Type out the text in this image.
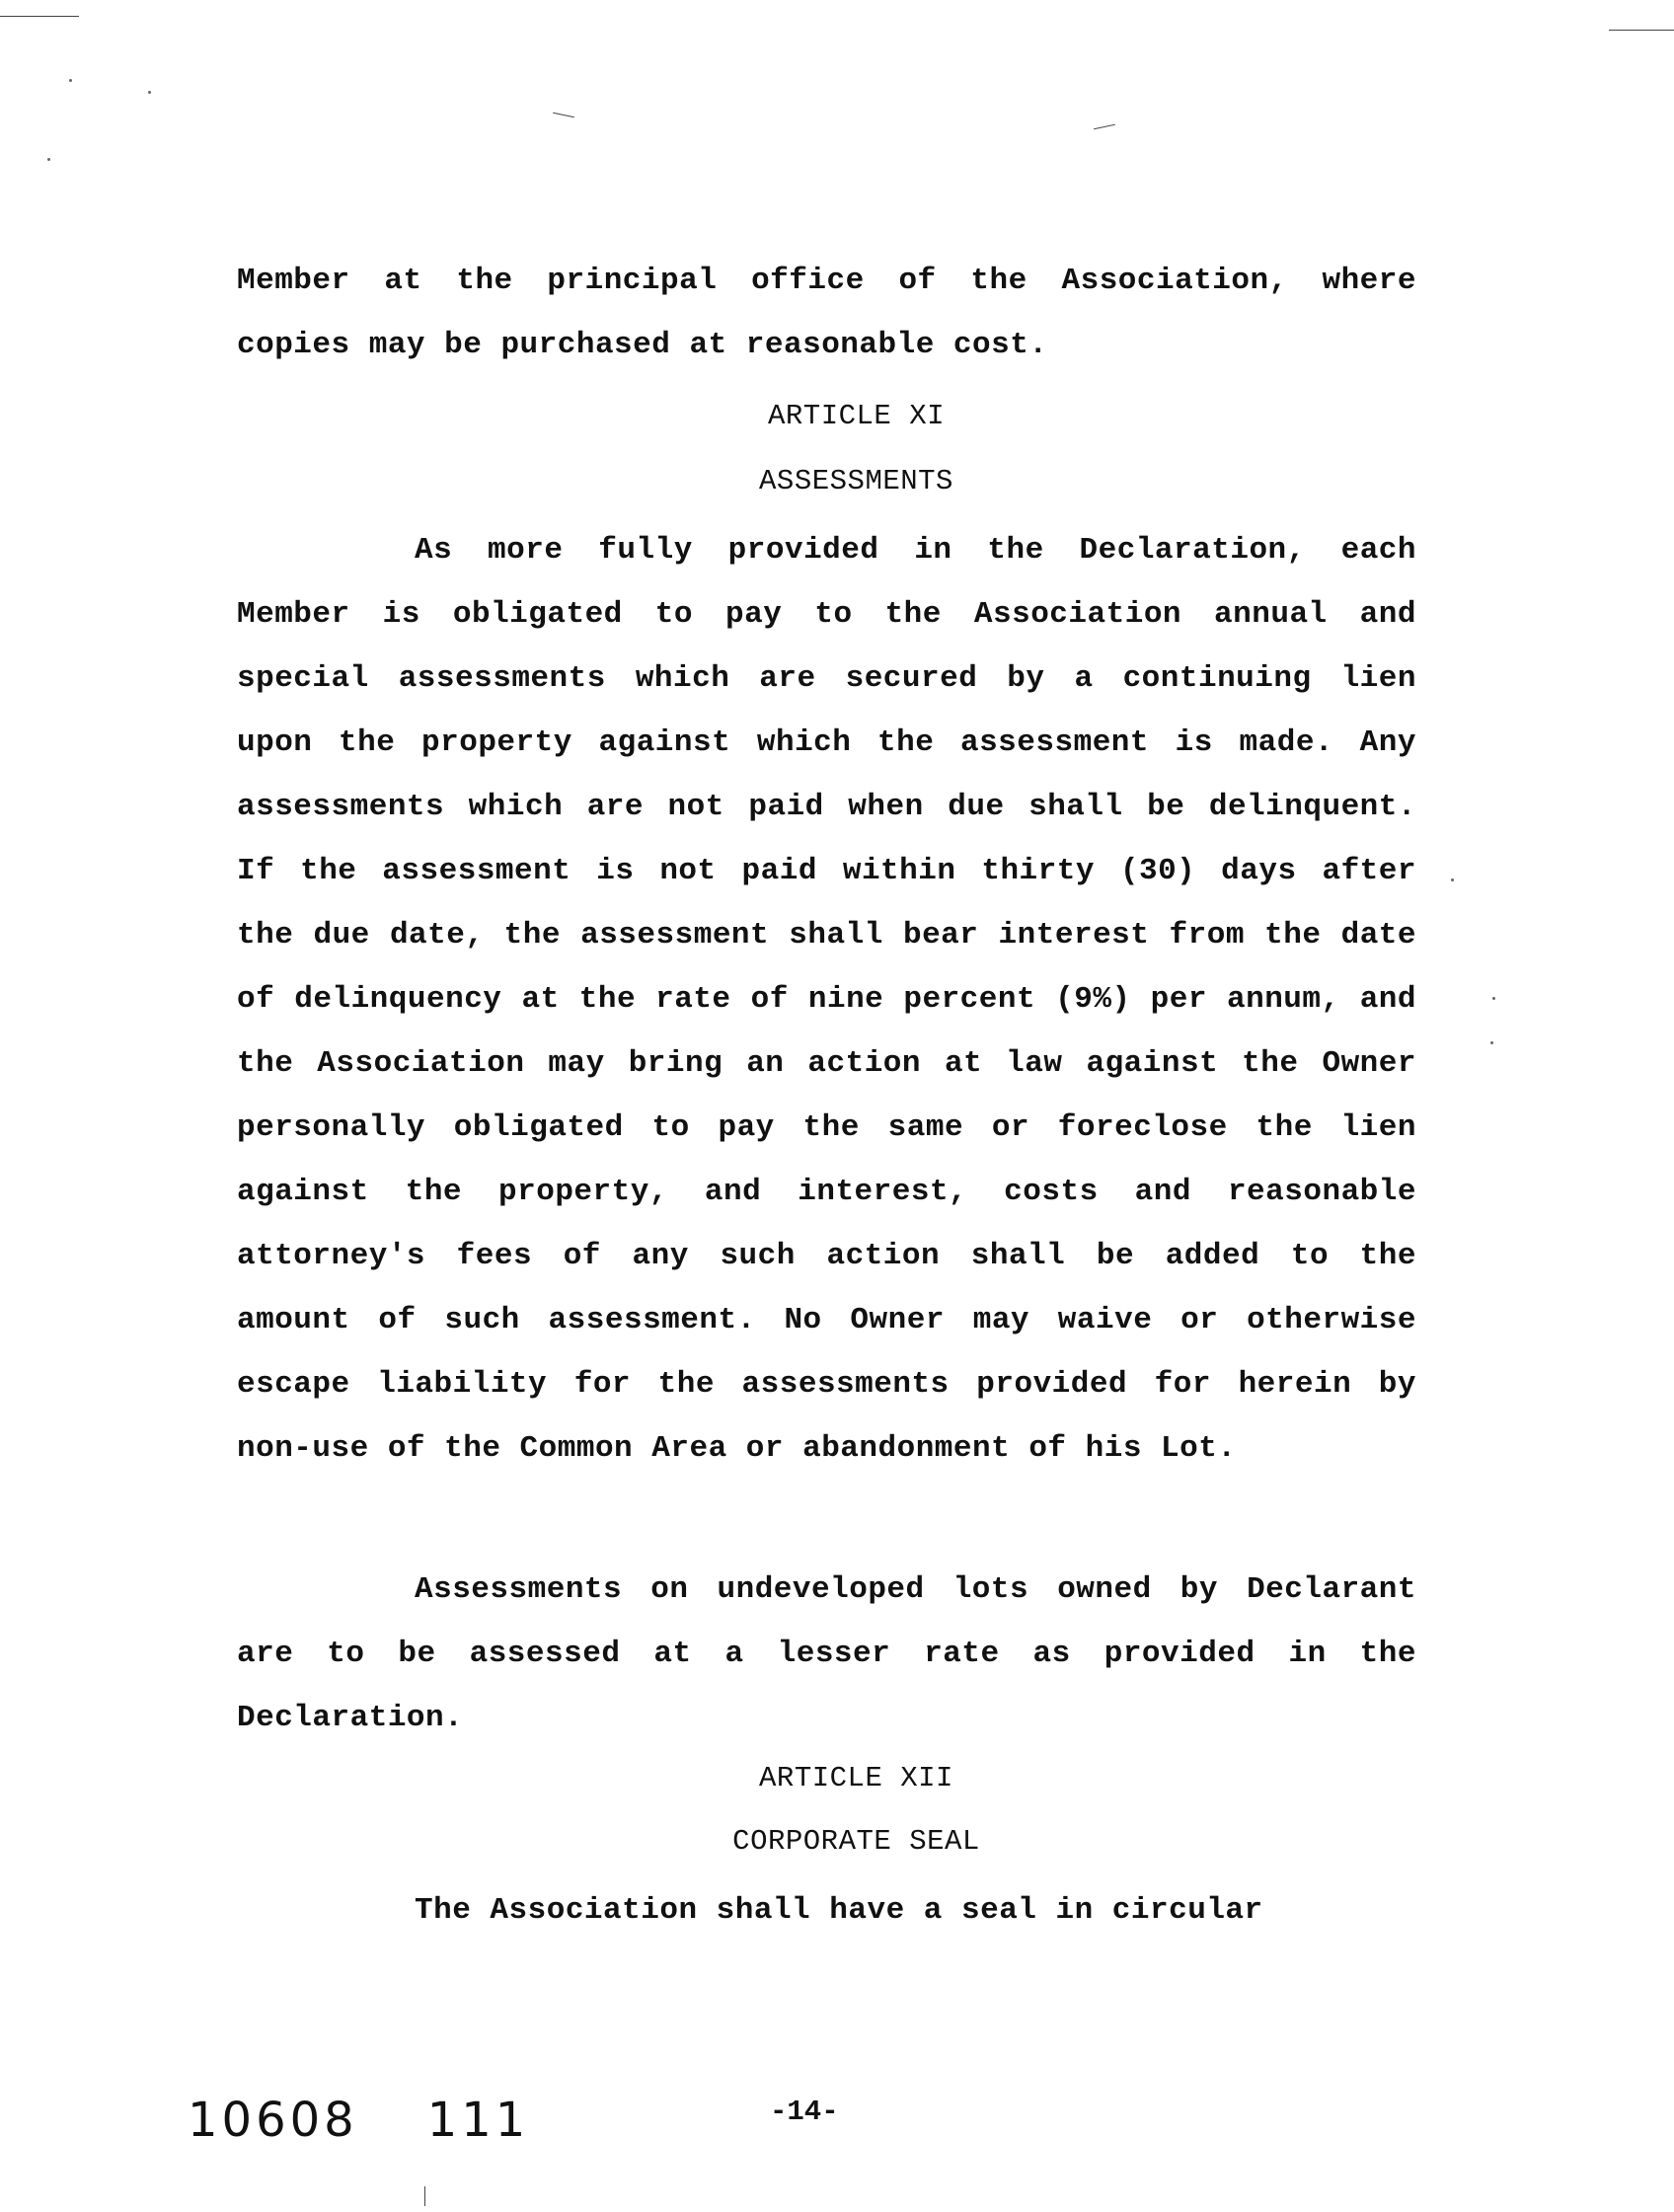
Member at the principal office of the Association, where copies may be purchased at reasonable cost.

ARTICLE XI
ASSESSMENTS

As more fully provided in the Declaration, each Member is obligated to pay to the Association annual and special assessments which are secured by a continuing lien upon the property against which the assessment is made. Any assessments which are not paid when due shall be delinquent. If the assessment is not paid within thirty (30) days after the due date, the assessment shall bear interest from the date of delinquency at the rate of nine percent (9%) per annum, and the Association may bring an action at law against the Owner personally obligated to pay the same or foreclose the lien against the property, and interest, costs and reasonable attorney's fees of any such action shall be added to the amount of such assessment. No Owner may waive or otherwise escape liability for the assessments provided for herein by non-use of the Common Area or abandonment of his Lot.

Assessments on undeveloped lots owned by Declarant are to be assessed at a lesser rate as provided in the Declaration.

ARTICLE XII
CORPORATE SEAL

The Association shall have a seal in circular

10608 111	-14-
